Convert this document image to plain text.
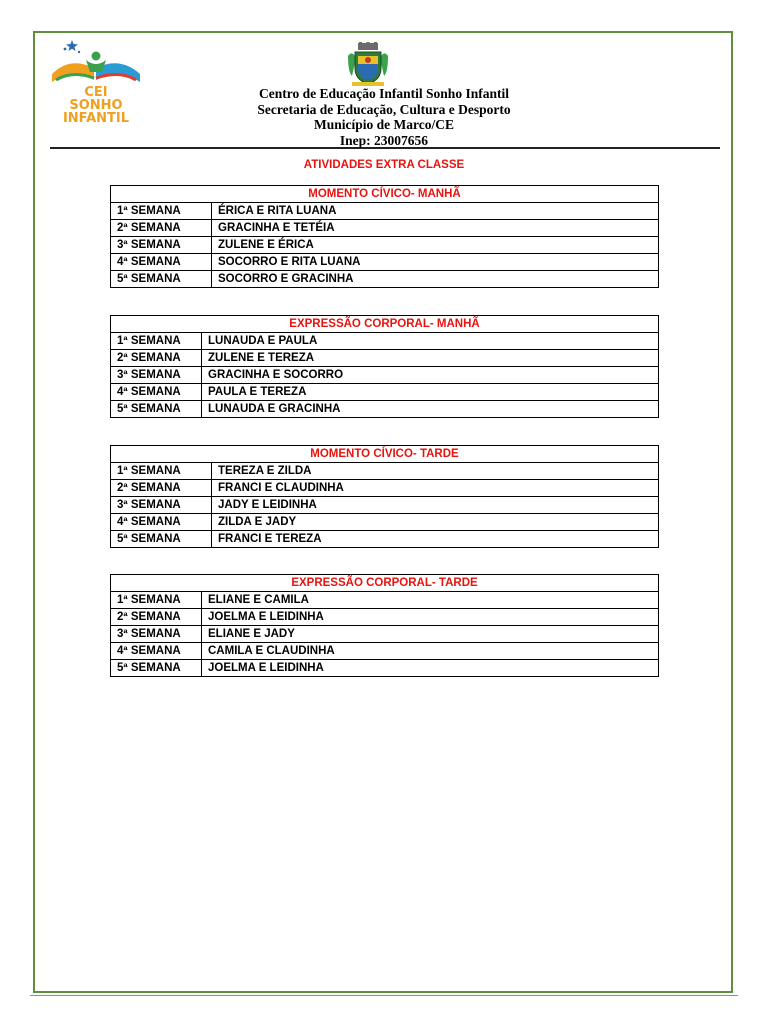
CEI
SONHO
INFANTIL
Centro de Educação Infantil Sonho Infantil
Secretaria de Educação, Cultura e Desporto
Município de Marco/CE
Inep: 23007656
ATIVIDADES EXTRA CLASSE
MOMENTO CÍVICO- MANHÃ	
1ª SEMANA	ÉRICA E RITA LUANA
2ª SEMANA	GRACINHA E TETÉIA
3ª SEMANA	ZULENE E ÉRICA
4ª SEMANA	SOCORRO E RITA LUANA
5ª SEMANA	SOCORRO E GRACINHA
EXPRESSÃO CORPORAL- MANHÃ	
1ª SEMANA	LUNAUDA E PAULA
2ª SEMANA	ZULENE E TEREZA
3ª SEMANA	GRACINHA E SOCORRO
4ª SEMANA	PAULA E TEREZA
5ª SEMANA	LUNAUDA E GRACINHA
MOMENTO CÍVICO- TARDE	
1ª SEMANA	TEREZA E ZILDA
2ª SEMANA	FRANCI E CLAUDINHA
3ª SEMANA	JADY E LEIDINHA
4ª SEMANA	ZILDA E JADY
5ª SEMANA	FRANCI E TEREZA
EXPRESSÃO CORPORAL- TARDE	
1ª SEMANA	ELIANE E CAMILA
2ª SEMANA	JOELMA E LEIDINHA
3ª SEMANA	ELIANE E JADY
4ª SEMANA	CAMILA E CLAUDINHA
5ª SEMANA	JOELMA E LEIDINHA
